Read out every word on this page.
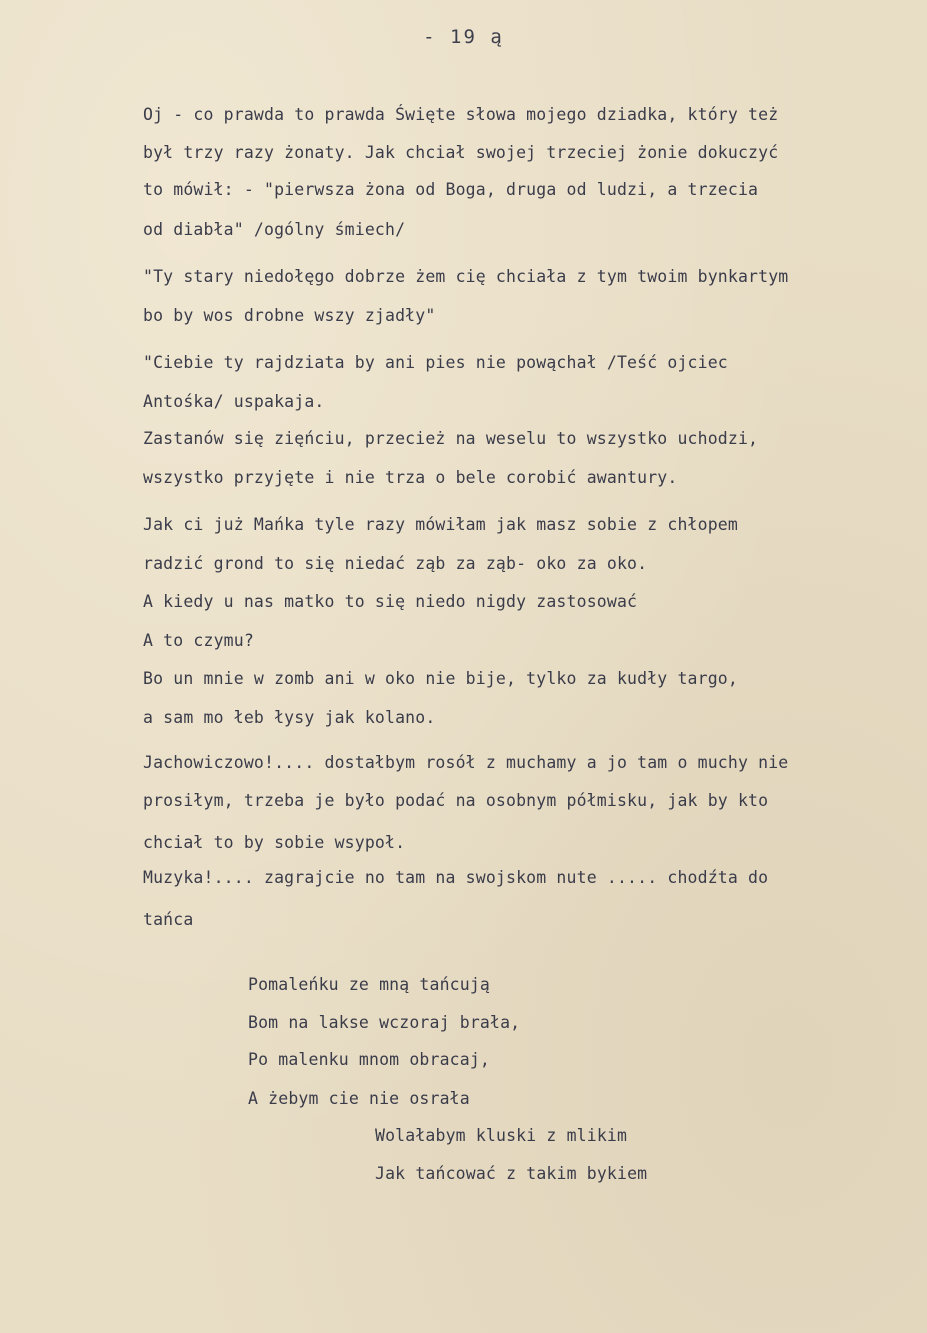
- 19 ą
Oj - co prawda to prawda Święte słowa mojego dziadka, który też
był trzy razy żonaty. Jak chciał swojej trzeciej żonie dokuczyć
to mówił: - "pierwsza żona od Boga, druga od ludzi, a trzecia
od diabła" /ogólny śmiech/
"Ty stary niedołęgo dobrze żem cię chciała z tym twoim bynkartym
bo by wos drobne wszy zjadły"
"Ciebie ty rajdziata by ani pies nie powąchał /Teść ojciec
Antośka/ uspakaja.
Zastanów się zięńciu, przecież na weselu to wszystko uchodzi,
wszystko przyjęte i nie trza o bele corobić awantury.
Jak ci już Mańka tyle razy mówiłam jak masz sobie z chłopem
radzić grond to się niedać ząb za ząb- oko za oko.
A kiedy u nas matko to się niedo nigdy zastosować
A to czymu?
Bo un mnie w zomb ani w oko nie bije, tylko za kudły targo,
a sam mo łeb łysy jak kolano.
Jachowiczowo!.... dostałbym rosół z muchamy a jo tam o muchy nie
prosiłym, trzeba je było podać na osobnym półmisku, jak by kto
chciał to by sobie wsypoł.
Muzyka!.... zagrajcie no tam na swojskom nute ..... chodźta do
tańca
Pomaleńku ze mną tańcują
Bom na lakse wczoraj brała,
Po malenku mnom obracaj,
A żebym cie nie osrała
Wolałabym kluski z mlikim
Jak tańcować z takim bykiem
